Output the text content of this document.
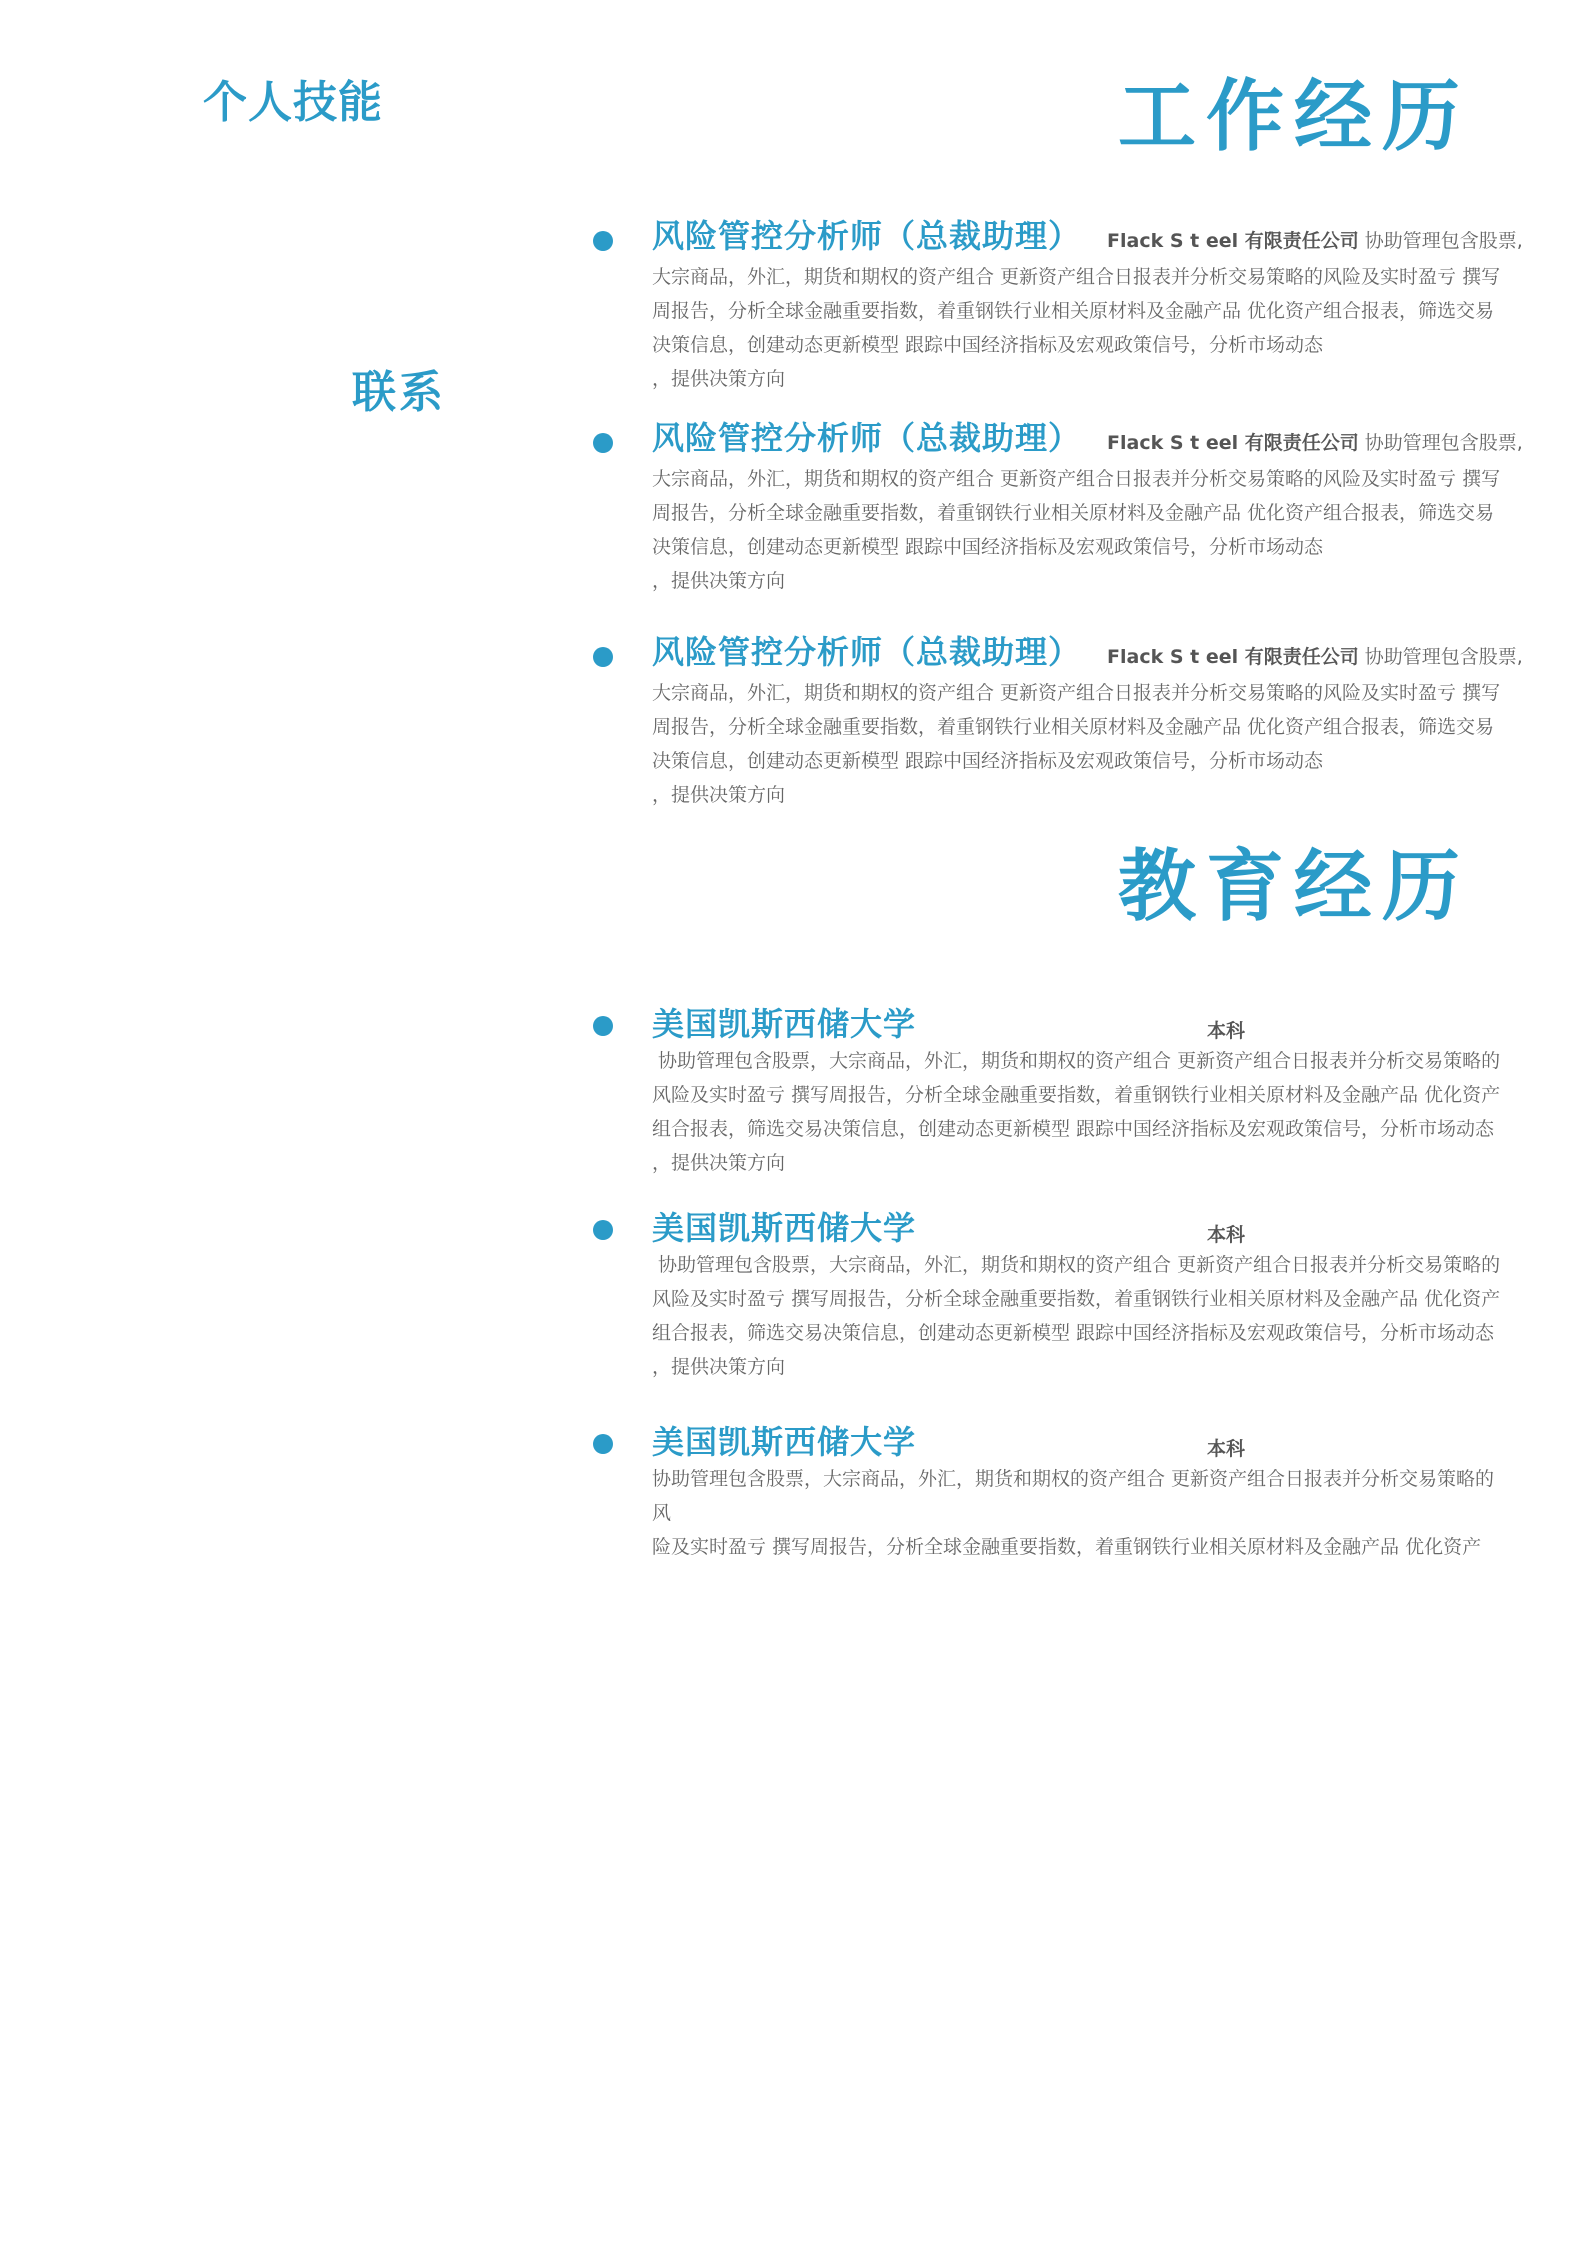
个人技能
联系
工作经历
风险管控分析师（总裁助理） Flack S t eel 有限责任公司 协助管理包含股票,
大宗商品，外汇，期货和期权的资产组合 更新资产组合日报表并分析交易策略的风险及实时盈亏 撰写
周报告，分析全球金融重要指数，着重钢铁行业相关原材料及金融产品 优化资产组合报表，筛选交易
决策信息，创建动态更新模型 跟踪中国经济指标及宏观政策信号，分析市场动态
，提供决策方向
风险管控分析师（总裁助理） Flack S t eel 有限责任公司 协助管理包含股票,
大宗商品，外汇，期货和期权的资产组合 更新资产组合日报表并分析交易策略的风险及实时盈亏 撰写
周报告，分析全球金融重要指数，着重钢铁行业相关原材料及金融产品 优化资产组合报表，筛选交易
决策信息，创建动态更新模型 跟踪中国经济指标及宏观政策信号，分析市场动态
，提供决策方向
风险管控分析师（总裁助理） Flack S t eel 有限责任公司 协助管理包含股票,
大宗商品，外汇，期货和期权的资产组合 更新资产组合日报表并分析交易策略的风险及实时盈亏 撰写
周报告，分析全球金融重要指数，着重钢铁行业相关原材料及金融产品 优化资产组合报表，筛选交易
决策信息，创建动态更新模型 跟踪中国经济指标及宏观政策信号，分析市场动态
，提供决策方向
教育经历
美国凯斯西储大学	本科
协助管理包含股票，大宗商品，外汇，期货和期权的资产组合 更新资产组合日报表并分析交易策略的
风险及实时盈亏 撰写周报告，分析全球金融重要指数，着重钢铁行业相关原材料及金融产品 优化资产
组合报表，筛选交易决策信息，创建动态更新模型 跟踪中国经济指标及宏观政策信号，分析市场动态
，提供决策方向
美国凯斯西储大学	本科
协助管理包含股票，大宗商品，外汇，期货和期权的资产组合 更新资产组合日报表并分析交易策略的
风险及实时盈亏 撰写周报告，分析全球金融重要指数，着重钢铁行业相关原材料及金融产品 优化资产
组合报表，筛选交易决策信息，创建动态更新模型 跟踪中国经济指标及宏观政策信号，分析市场动态
，提供决策方向
美国凯斯西储大学	本科
协助管理包含股票，大宗商品，外汇，期货和期权的资产组合 更新资产组合日报表并分析交易策略的风
险及实时盈亏 撰写周报告，分析全球金融重要指数，着重钢铁行业相关原材料及金融产品 优化资产
